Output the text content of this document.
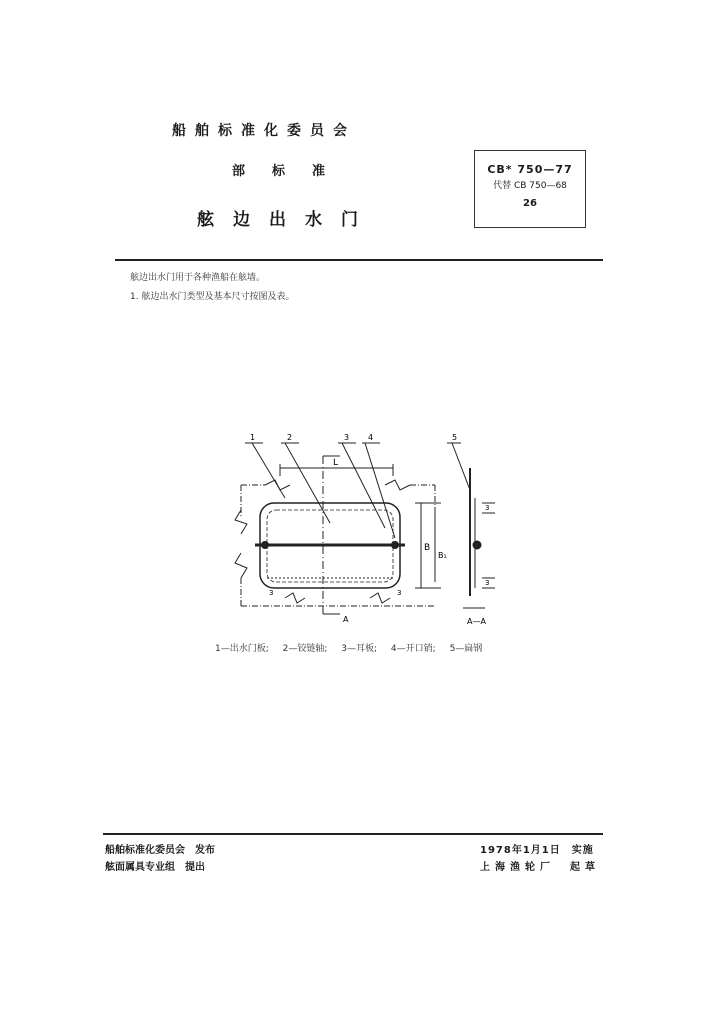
船舶标准化委员会
部标准
舷边出水门
CB* 750—77
代替 CB 750—68
26
舷边出水门用于各种渔船在舷墙。
1. 舷边出水门类型及基本尺寸按图及表。
1	2	3 4	5
L
B
B₁
A	A—A
3	3
3
3
1—出水门板; 2—铰链轴; 3—耳板; 4—开口销; 5—扁钢
船舶标准化委员会　发布
舷面属具专业组　提出
1978年1月1日　实施
上海渔轮厂　起草
